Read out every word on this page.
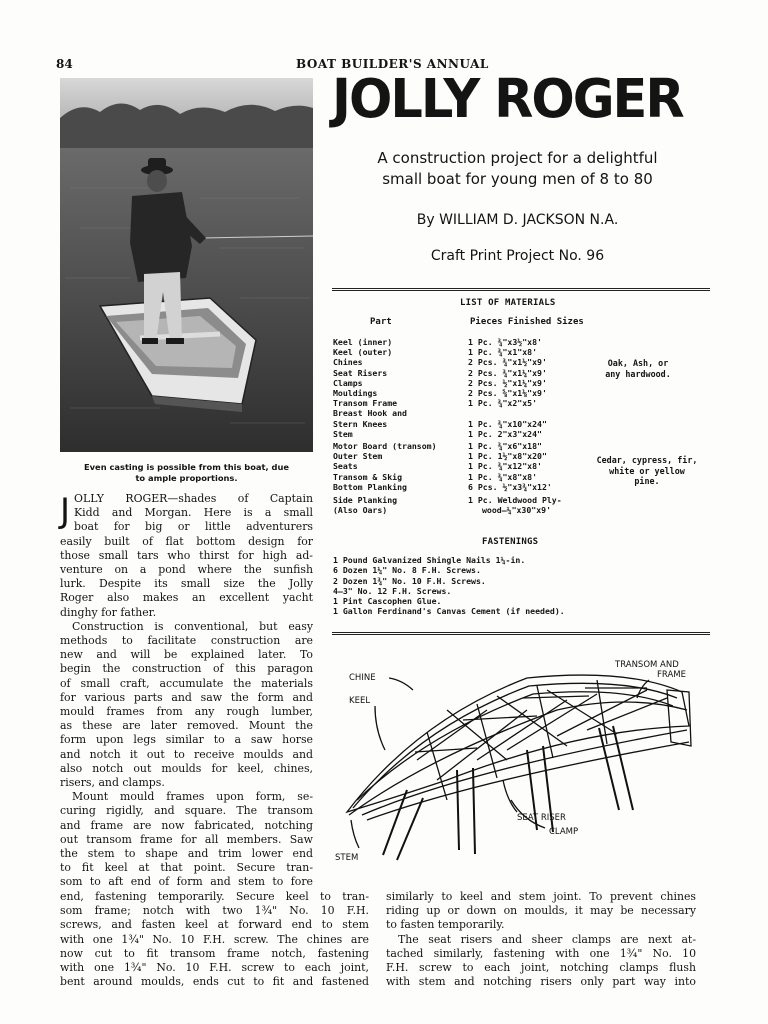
84	BOAT BUILDER'S ANNUAL
JOLLY ROGER
A construction project for a delightful
small boat for young men of 8 to 80
By WILLIAM D. JACKSON N.A.
Craft Print Project No. 96
Even casting is possible from this boat, due
to ample proportions.
LIST OF MATERIALS
Part	Pieces Finished Sizes
Keel (inner)
Keel (outer)
Chines
Seat Risers
Clamps
Mouldings
Transom Frame
Breast Hook and
Stern Knees
Stem
Motor Board (transom)
Outer Stem
Seats
Transom & Skig
Bottom Planking
Side Planking
(Also Oars)
1 Pc. ¾"x3½"x8'
1 Pc. ¾"x1"x8'
2 Pcs. ¾"x1½"x9'
2 Pcs. ¾"x1¼"x9'
2 Pcs. ½"x1¼"x9'
2 Pcs. ⅝"x1⅛"x9'
1 Pc. ¾"x2"x5'
1 Pc. ¾"x10"x24"
1 Pc. 2"x3"x24"
1 Pc. ¾"x6"x18"
1 Pc. 1½"x8"x20"
1 Pc. ¾"x12"x8'
1 Pc. ¾"x8"x8'
6 Pcs. ½"x3¾"x12'
1 Pc. Weldwood Ply-
wood—¼"x30"x9'
Oak, Ash, or
any hardwood.
Cedar, cypress, fir,
white or yellow
pine.
FASTENINGS
1 Pound Galvanized Shingle Nails 1¼-in.
6 Dozen 1¼" No. 8 F.H. Screws.
2 Dozen 1¾" No. 10 F.H. Screws.
4—3" No. 12 F.H. Screws.
1 Pint Cascophen Glue.
1 Gallon Ferdinand's Canvas Cement (if needed).
CHINE
KEEL
TRANSOM AND
FRAME
SEAT RISER
CLAMP
STEM
J OLLY ROGER—shades of Captain
Kidd and Morgan. Here is a small
boat for big or little adventurers
easily built of flat bottom design for
those small tars who thirst for high ad-
venture on a pond where the sunfish
lurk. Despite its small size the Jolly
Roger also makes an excellent yacht
dinghy for father.
Construction is conventional, but easy
methods to facilitate construction are
new and will be explained later. To
begin the construction of this paragon
of small craft, accumulate the materials
for various parts and saw the form and
mould frames from any rough lumber,
as these are later removed. Mount the
form upon legs similar to a saw horse
and notch it out to receive moulds and
also notch out moulds for keel, chines,
risers, and clamps.
Mount mould frames upon form, se-
curing rigidly, and square. The transom
and frame are now fabricated, notching
out transom frame for all members. Saw
the stem to shape and trim lower end
to fit keel at that point. Secure tran-
som to aft end of form and stem to fore
end, fastening temporarily. Secure keel to tran-
som frame; notch with two 1¾" No. 10 F.H.
screws, and fasten keel at forward end to stem
with one 1¾" No. 10 F.H. screw. The chines are
now cut to fit transom frame notch, fastening
with one 1¾" No. 10 F.H. screw to each joint,
bent around moulds, ends cut to fit and fastened
similarly to keel and stem joint. To prevent chines
riding up or down on moulds, it may be necessary
to fasten temporarily.
The seat risers and sheer clamps are next at-
tached similarly, fastening with one 1¾" No. 10
F.H. screw to each joint, notching clamps flush
with stem and notching risers only part way into
